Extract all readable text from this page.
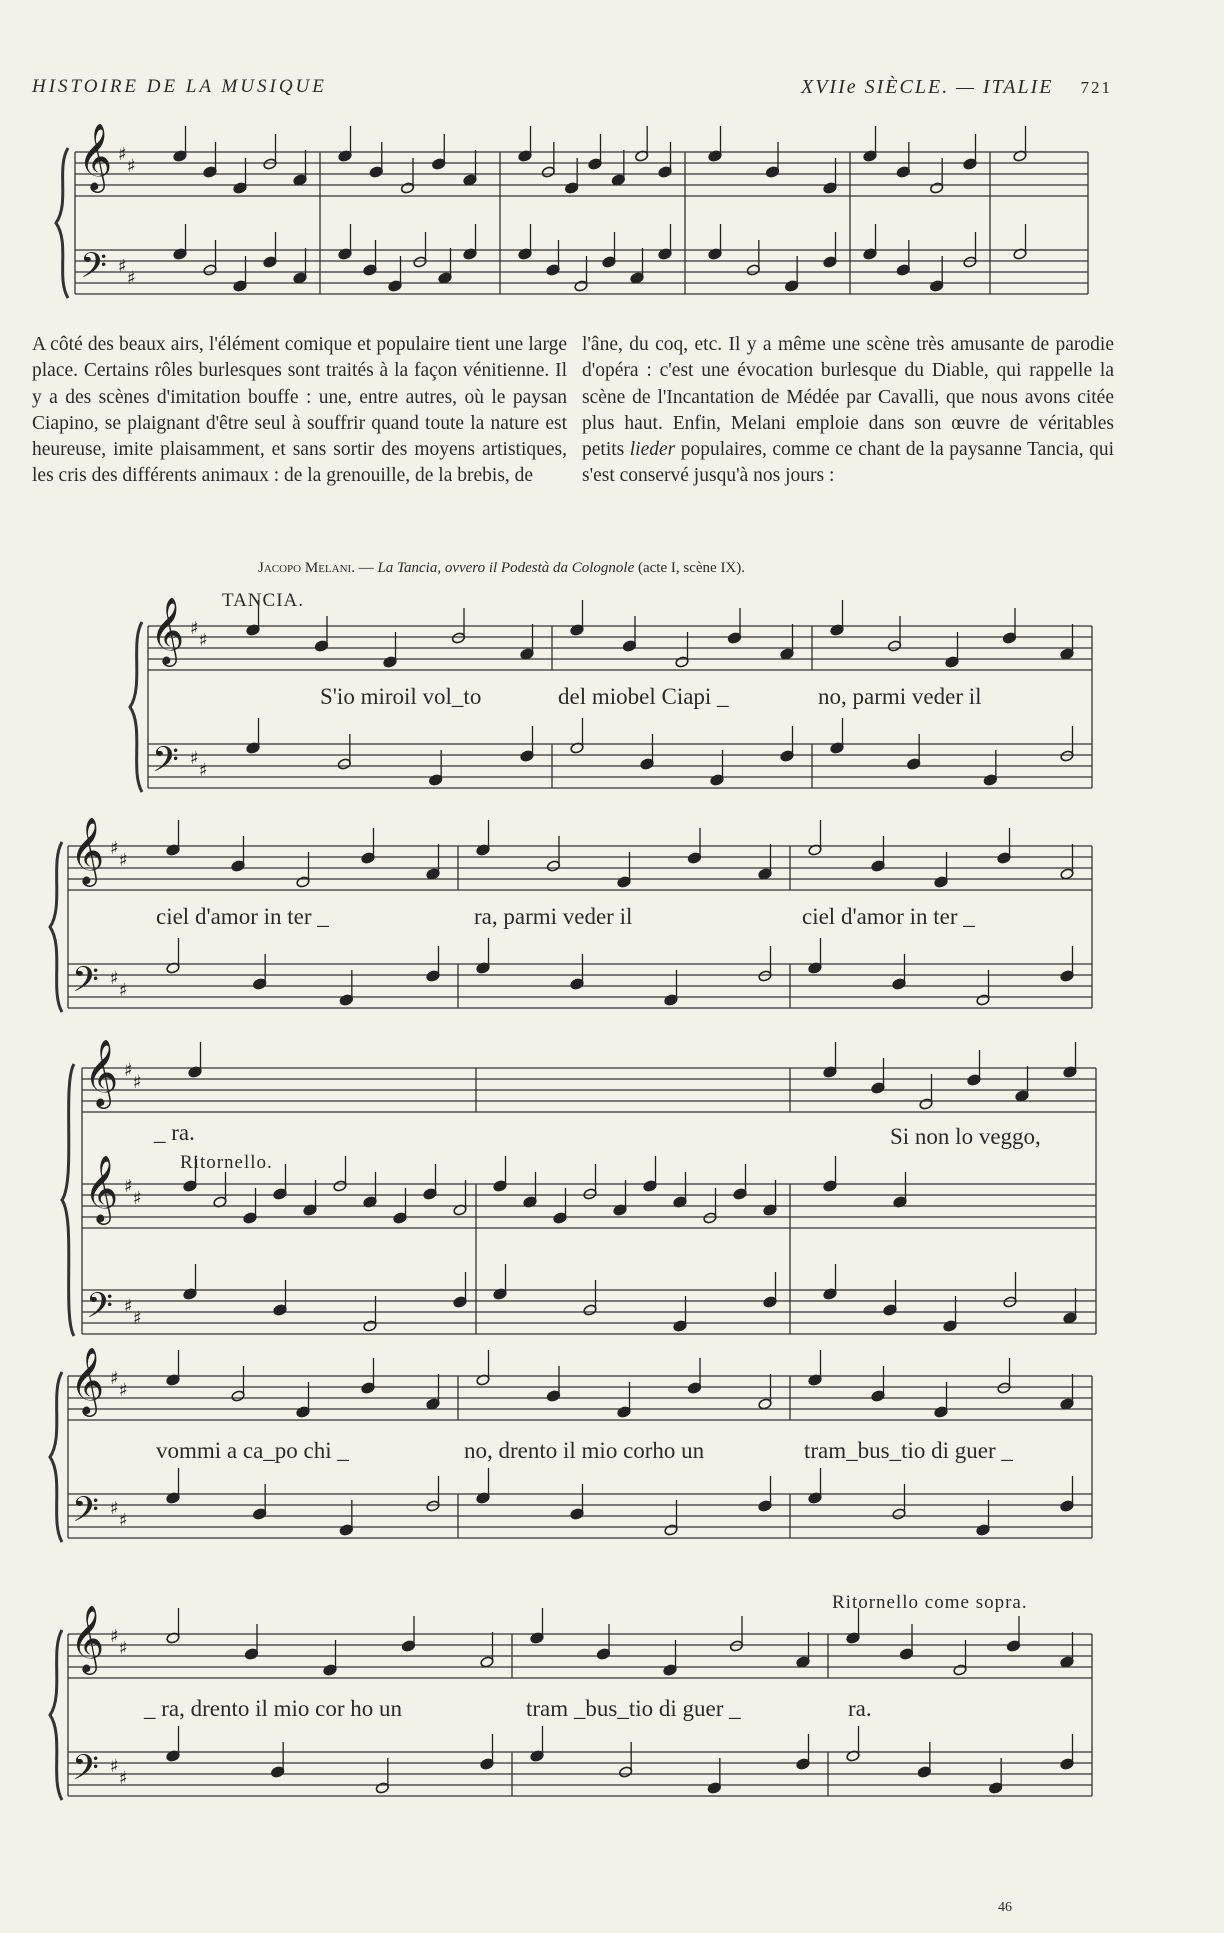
HISTOIRE DE LA MUSIQUE	XVIIe SIÈCLE. — ITALIE 721
𝄞 ♯
♯
𝄢 ♯
♯
𝄞 ♯
♯
𝄢 ♯
♯
𝄞 ♯
♯
𝄢 ♯
♯
𝄞 ♯
♯
𝄞 ♯
♯
𝄢 ♯
♯
𝄞 ♯
♯
𝄢 ♯
♯
𝄞 ♯
♯
𝄢 ♯
♯
A côté des beaux airs, l'élément comique et populaire tient une large place. Certains rôles burlesques sont traités à la façon vénitienne. Il y a des scènes d'imitation bouffe : une, entre autres, où le paysan Ciapino, se plaignant d'être seul à souffrir quand toute la nature est heureuse, imite plaisamment, et sans sortir des moyens artistiques, les cris des différents animaux : de la grenouille, de la brebis, de
l'âne, du coq, etc. Il y a même une scène très amusante de parodie d'opéra : c'est une évocation burlesque du Diable, qui rappelle la scène de l'Incantation de Médée par Cavalli, que nous avons citée plus haut. Enfin, Melani emploie dans son œuvre de véritables petits lieder populaires, comme ce chant de la paysanne Tancia, qui s'est conservé jusqu'à nos jours :
Jacopo Melani. — La Tancia, ovvero il Podestà da Colognole (acte I, scène IX).
TANCIA.
Ritornello.
Ritornello come sopra.
S'io miroil vol_to	del miobel Ciapi _	no, parmi veder il
ciel d'amor in ter _	ra, parmi veder il	ciel d'amor in ter _
_ ra.	Si non lo veggo,
vommi a ca_po chi _	no, drento il mio corho un	tram_bus_tio di guer _
_ ra, drento il mio cor ho un	tram _bus_tio di guer _	ra.
46
